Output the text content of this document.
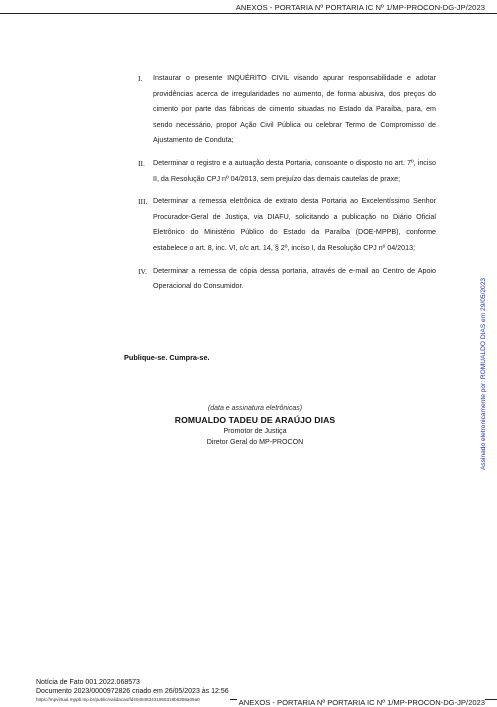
ANEXOS - PORTARIA Nº PORTARIA IC Nº 1/MP-PROCON-DG-JP/2023
I.	Instaurar o presente INQUÉRITO CIVIL visando apurar responsabilidade e adotar providências acerca de irregularidades no aumento, de forma abusiva, dos preços do cimento por parte das fábricas de cimento situadas no Estado da Paraíba, para, em sendo necessário, propor Ação Civil Pública ou celebrar Termo de Compromisso de Ajustamento de Conduta;
II.	Determinar o registro e a autuação desta Portaria, consoante o disposto no art. 7º, inciso II, da Resolução CPJ nº 04/2013, sem prejuízo das demais cautelas de praxe;
III. Determinar a remessa eletrônica de extrato desta Portaria ao Excelentíssimo Senhor Procurador-Geral de Justiça, via DIAFU, solicitando a publicação no Diário Oficial Eletrônico do Ministério Público do Estado da Paraíba (DOE-MPPB), conforme estabelece o art. 8, inc. VI, c/c art. 14, § 2º, inciso I, da Resolução CPJ nº 04/2013;
IV. Determinar a remessa de cópia dessa portaria, através de e-mail ao Centro de Apoio Operacional do Consumidor.
Publique-se. Cumpra-se.
(data e assinatura eletrônicas)
ROMUALDO TADEU DE ARAÚJO DIAS
Promotor de Justiça
Diretor Geral do MP-PROCON	Assinado eletronicamente por: ROMUALDO DIAS em 29/05/2023
Notícia de Fato 001.2022.068573
Documento 2023/0000972826 criado em 26/05/2023 às 12:56
https://mpvirtual.mppb.mp.br/public/validacao/fd4048483431955318b5358a09a0	ANEXOS - PORTARIA Nº PORTARIA IC Nº 1/MP-PROCON-DG-JP/2023
